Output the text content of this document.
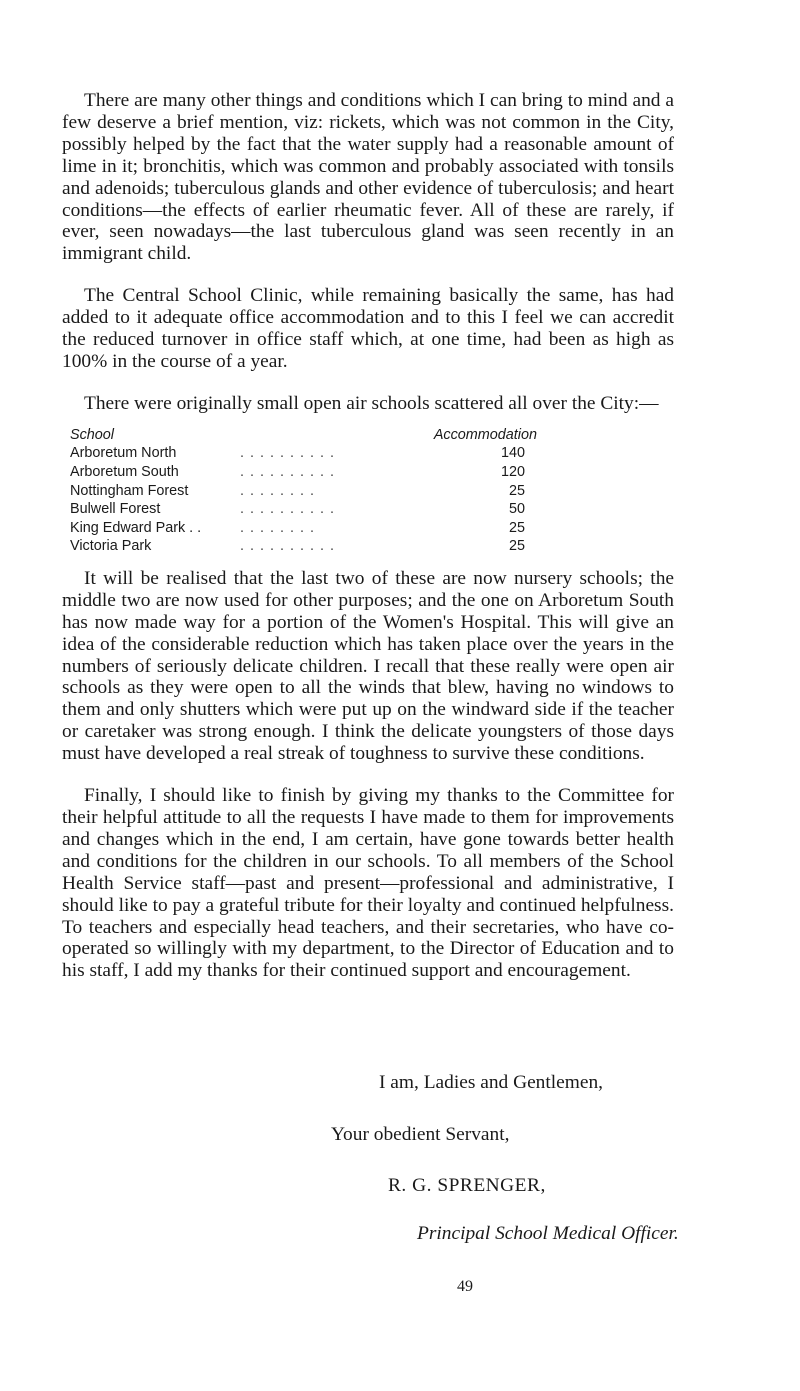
There are many other things and conditions which I can bring to mind and a few deserve a brief mention, viz: rickets, which was not common in the City, possibly helped by the fact that the water supply had a reasonable amount of lime in it; bronchitis, which was common and probably associated with tonsils and adenoids; tuberculous glands and other evidence of tuberculosis; and heart conditions—the effects of earlier rheumatic fever. All of these are rarely, if ever, seen nowadays—the last tuberculous gland was seen recently in an immigrant child.

The Central School Clinic, while remaining basically the same, has had added to it adequate office accommodation and to this I feel we can accredit the reduced turnover in office staff which, at one time, had been as high as 100% in the course of a year.

There were originally small open air schools scattered all over the City:—

School	Accommodation	
Arboretum North	. . . . . . . . . .	140
Arboretum South	. . . . . . . . . .	120
Nottingham Forest	. . . . . . . .	25
Bulwell Forest	. . . . . . . . . .	50
King Edward Park . .	. . . . . . . .	25
Victoria Park	. . . . . . . . . .	25

It will be realised that the last two of these are now nursery schools; the middle two are now used for other purposes; and the one on Arboretum South has now made way for a portion of the Women's Hospital. This will give an idea of the considerable reduction which has taken place over the years in the numbers of seriously delicate children. I recall that these really were open air schools as they were open to all the winds that blew, having no windows to them and only shutters which were put up on the windward side if the teacher or caretaker was strong enough. I think the delicate youngsters of those days must have developed a real streak of toughness to survive these conditions.

Finally, I should like to finish by giving my thanks to the Committee for their helpful attitude to all the requests I have made to them for improvements and changes which in the end, I am certain, have gone towards better health and conditions for the children in our schools. To all members of the School Health Service staff—past and present—professional and administrative, I should like to pay a grateful tribute for their loyalty and continued helpfulness. To teachers and especially head teachers, and their secretaries, who have co-operated so willingly with my department, to the Director of Education and to his staff, I add my thanks for their continued support and encouragement.

I am, Ladies and Gentlemen,
Your obedient Servant,
R. G. SPRENGER,
Principal School Medical Officer.
49
